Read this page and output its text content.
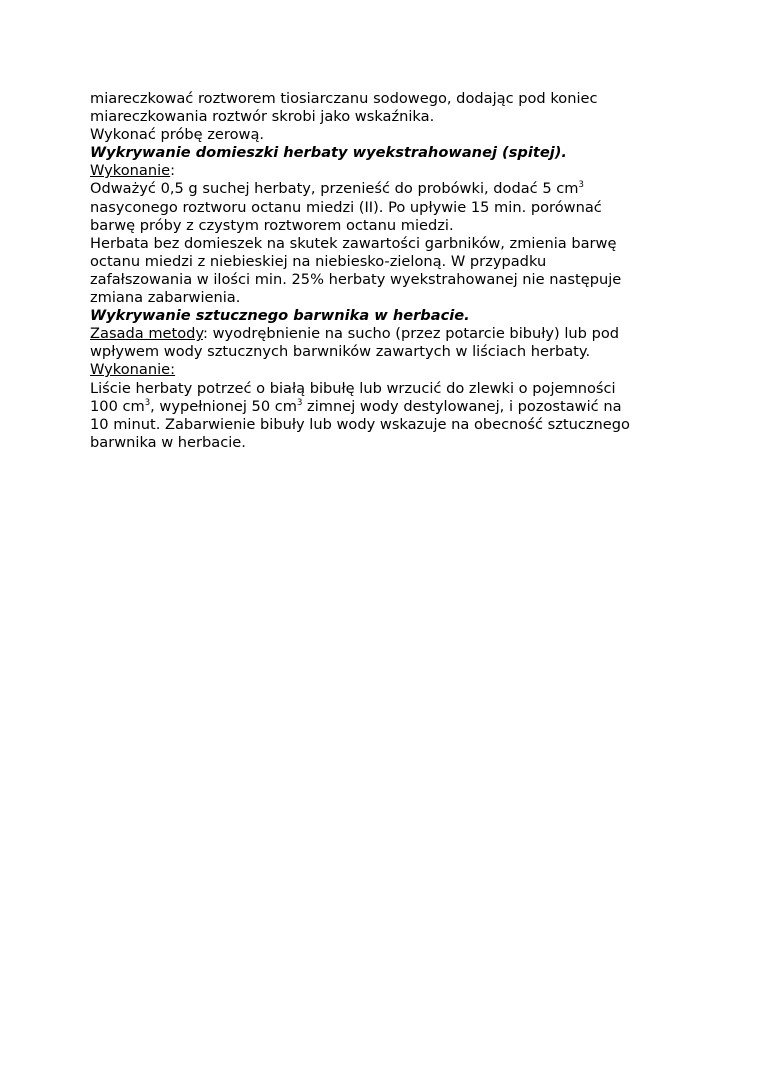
miareczkować roztworem tiosiarczanu sodowego, dodając pod koniec
miareczkowania roztwór skrobi jako wskaźnika.
Wykonać próbę zerową.
Wykrywanie domieszki herbaty wyekstrahowanej (spitej).
Wykonanie:
Odważyć 0,5 g suchej herbaty, przenieść do probówki, dodać 5 $cm^3$
nasyconego roztworu octanu miedzi (II). Po upływie 15 min. porównać
barwę próby z czystym roztworem octanu miedzi.
Herbata bez domieszek na skutek zawartości garbników, zmienia barwę
octanu miedzi z niebieskiej na niebiesko-zieloną. W przypadku
zafałszowania w ilości min. 25% herbaty wyekstrahowanej nie następuje
zmiana zabarwienia.
Wykrywanie sztucznego barwnika w herbacie.
Zasada metody: wyodrębnienie na sucho (przez potarcie bibuły) lub pod
wpływem wody sztucznych barwników zawartych w liściach herbaty.
Wykonanie:
Liście herbaty potrzeć o białą bibułę lub wrzucić do zlewki o pojemności
100 $cm^3$, wypełnionej 50 $cm^3$ zimnej wody destylowanej, i pozostawić na
10 minut. Zabarwienie bibuły lub wody wskazuje na obecność sztucznego
barwnika w herbacie.
